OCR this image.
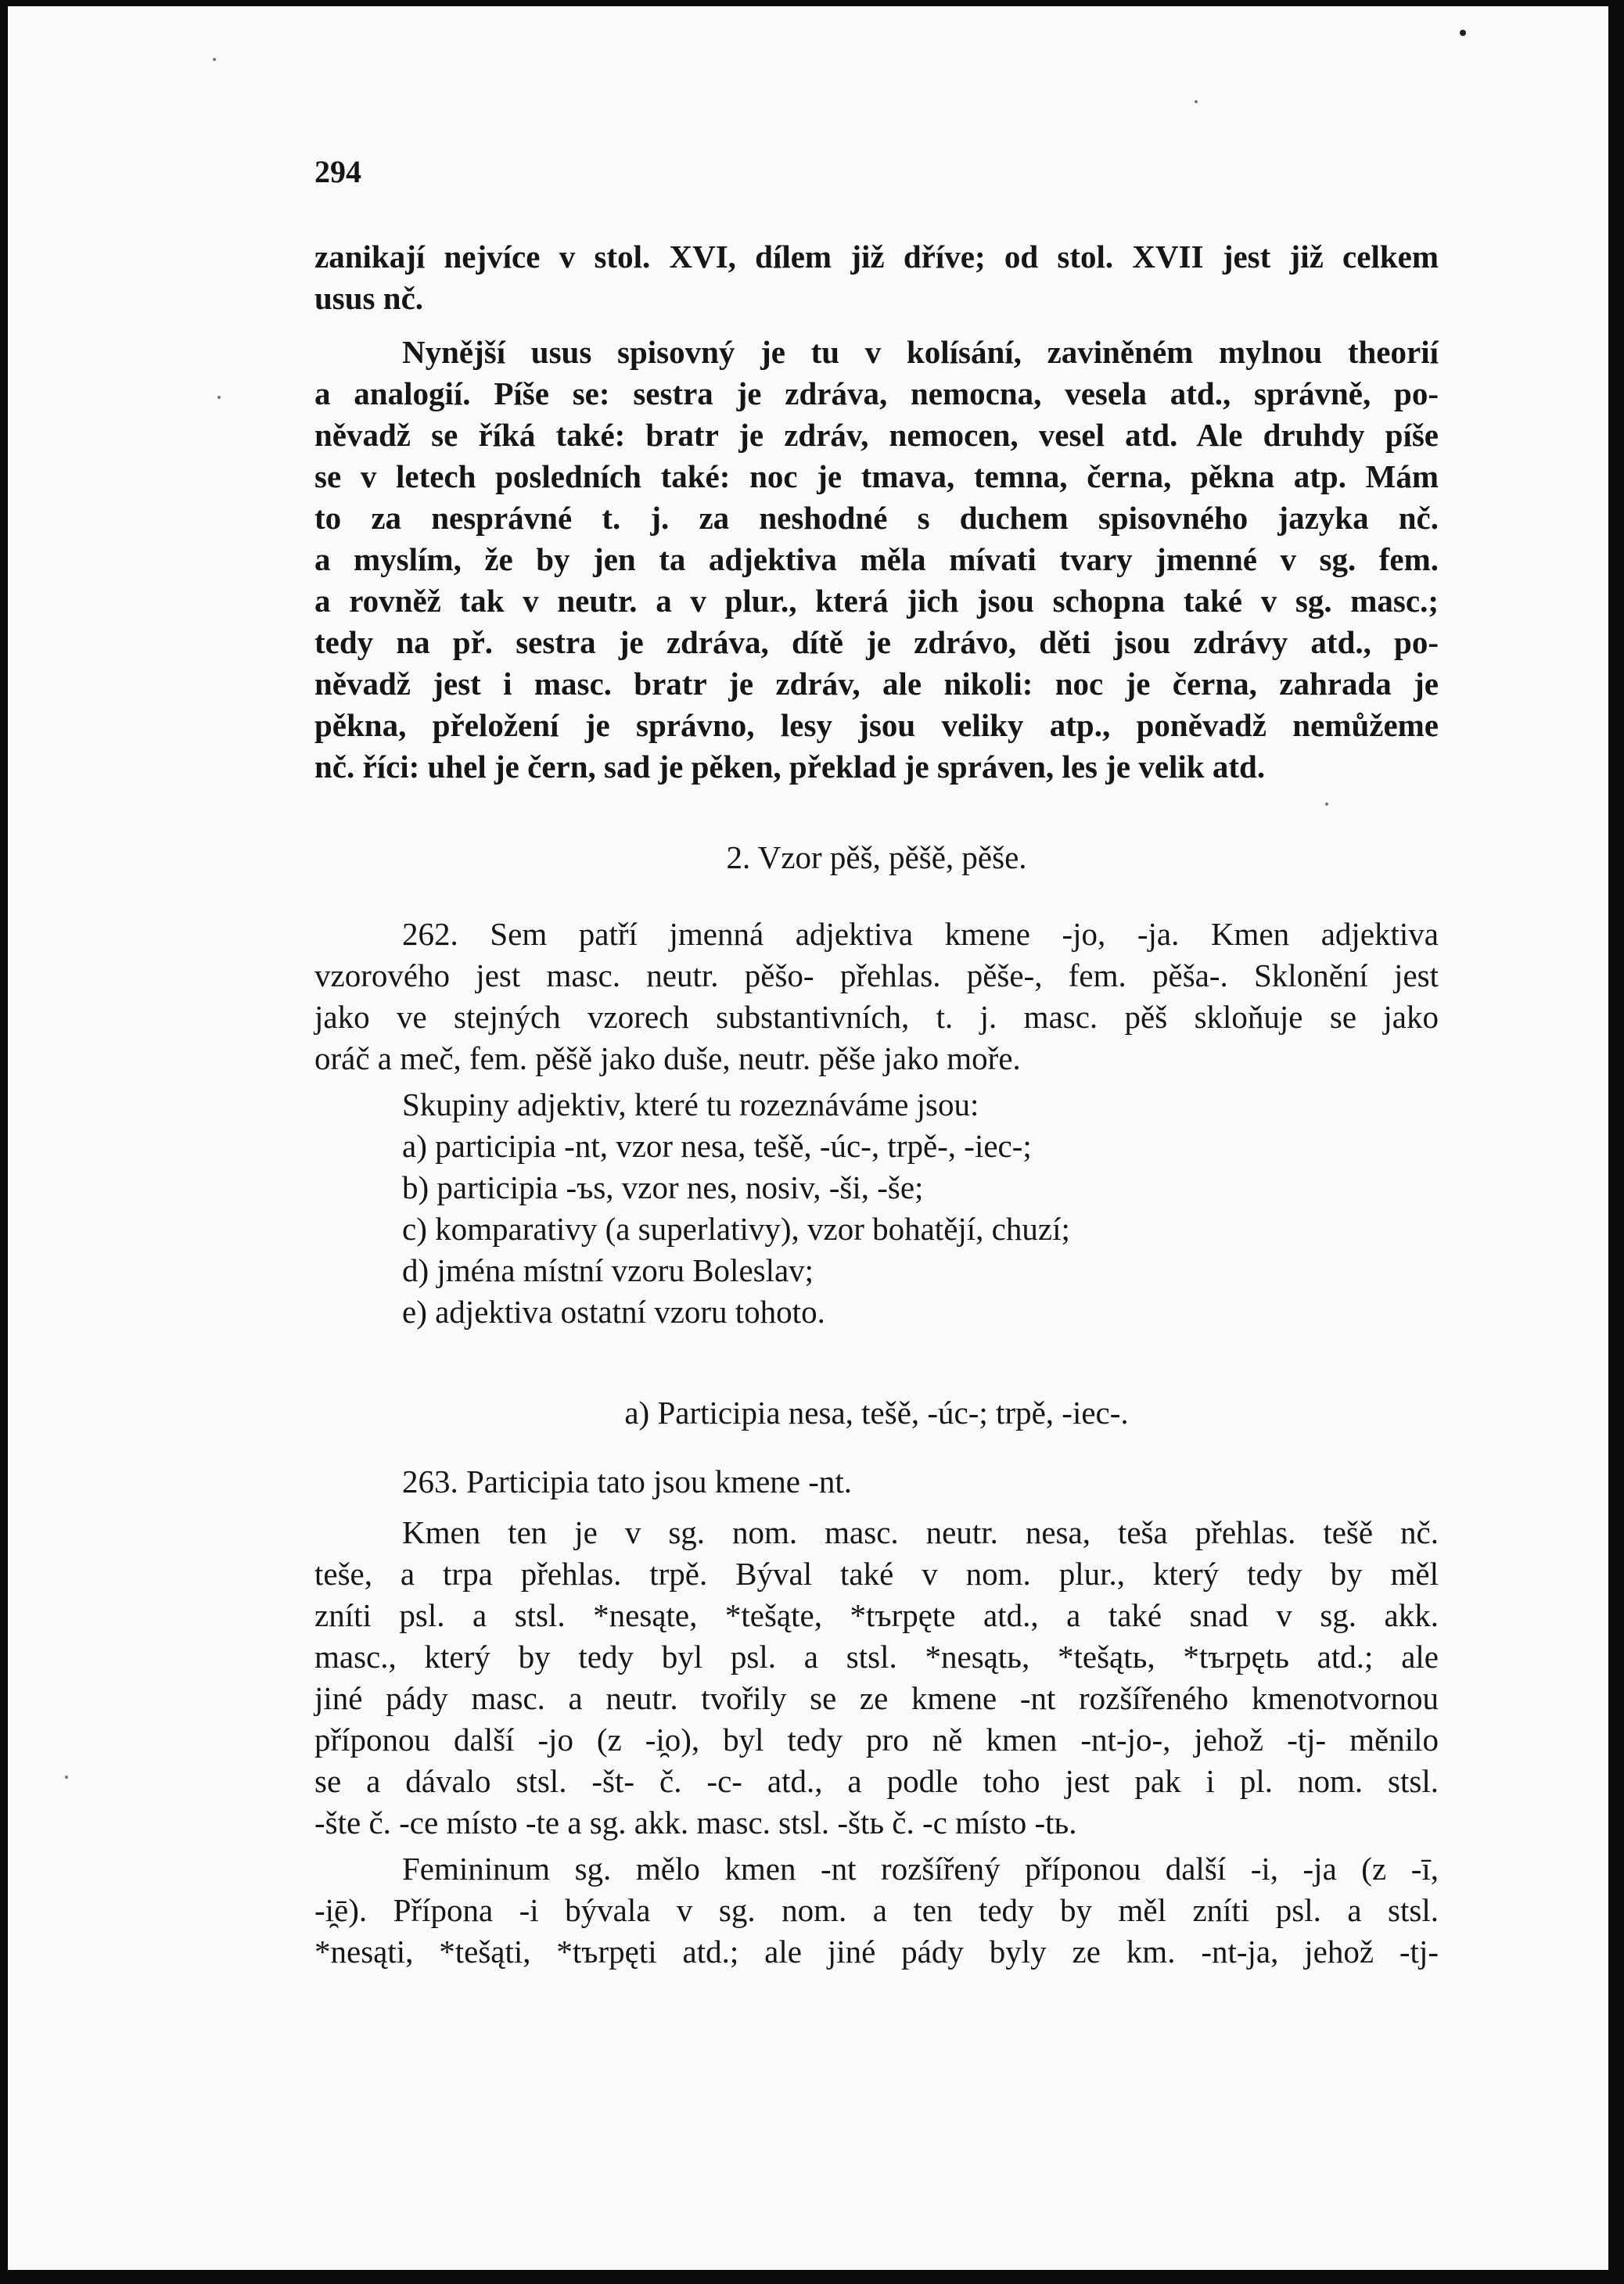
294
zanikají nejvíce v stol. XVI, dílem již dříve; od stol. XVII jest již celkem
usus nč.
Nynější usus spisovný je tu v kolísání, zaviněném mylnou theorií
a analogií. Píše se: sestra je zdráva, nemocna, vesela atd., správně, po-
něvadž se říká také: bratr je zdráv, nemocen, vesel atd. Ale druhdy píše
se v letech posledních také: noc je tmava, temna, černa, pěkna atp. Mám
to za nesprávné t. j. za neshodné s duchem spisovného jazyka nč.
a myslím, že by jen ta adjektiva měla mívati tvary jmenné v sg. fem.
a rovněž tak v neutr. a v plur., která jich jsou schopna také v sg. masc.;
tedy na př. sestra je zdráva, dítě je zdrávo, děti jsou zdrávy atd., po-
něvadž jest i masc. bratr je zdráv, ale nikoli: noc je černa, zahrada je
pěkna, přeložení je správno, lesy jsou veliky atp., poněvadž nemůžeme
nč. říci: uhel je čern, sad je pěken, překlad je správen, les je velik atd.
2. Vzor pěš, pěšě, pěše.
262. Sem patří jmenná adjektiva kmene -jo, -ja. Kmen adjektiva
vzorového jest masc. neutr. pěšo- přehlas. pěše-, fem. pěša-. Sklonění jest
jako ve stejných vzorech substantivních, t. j. masc. pěš skloňuje se jako
oráč a meč, fem. pěšě jako duše, neutr. pěše jako moře.
Skupiny adjektiv, které tu rozeznáváme jsou:
a) participia -nt, vzor nesa, tešě, -úc-, trpě-, -iec-;
b) participia -ъs, vzor nes, nosiv, -ši, -še;
c) komparativy (a superlativy), vzor bohatějí, chuzí;
d) jména místní vzoru Boleslav;
e) adjektiva ostatní vzoru tohoto.
a) Participia nesa, tešě, -úc-; trpě, -iec-.
263. Participia tato jsou kmene -nt.
Kmen ten je v sg. nom. masc. neutr. nesa, teša přehlas. tešě nč.
teše, a trpa přehlas. trpě. Býval také v nom. plur., který tedy by měl
zníti psl. a stsl. *nesąte, *tešąte, *tъrpęte atd., a také snad v sg. akk.
masc., který by tedy byl psl. a stsl. *nesątь, *tešątь, *tъrpętь atd.; ale
jiné pády masc. a neutr. tvořily se ze kmene -nt rozšířeného kmenotvornou
příponou další -jo (z -i̯o), byl tedy pro ně kmen -nt-jo-, jehož -tj- měnilo
se a dávalo stsl. -št- č. -c- atd., a podle toho jest pak i pl. nom. stsl.
-šte č. -ce místo -te a sg. akk. masc. stsl. -štь č. -c místo -tь.
Femininum sg. mělo kmen -nt rozšířený příponou další -i, -ja (z -ī,
-i̯ē). Přípona -i bývala v sg. nom. a ten tedy by měl zníti psl. a stsl.
*nesąti, *tešąti, *tъrpęti atd.; ale jiné pády byly ze km. -nt-ja, jehož -tj-
